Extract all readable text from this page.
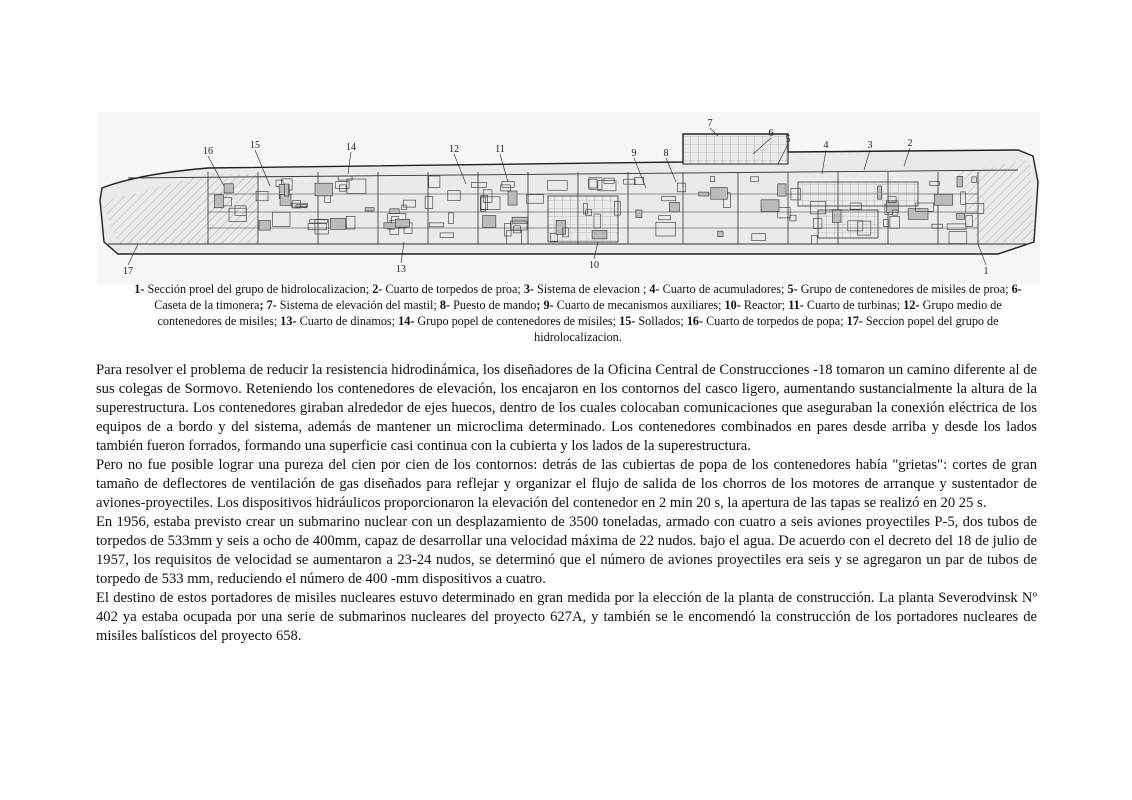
1
2
3
4
5
6
7
8
9
10
11
12
13
14
15
16
17
1- Sección proel del grupo de hidrolocalizacion; 2- Cuarto de torpedos de proa; 3- Sistema de elevacion ; 4- Cuarto de acumuladores; 5- Grupo de contenedores de misiles de proa; 6- Caseta de la timonera; 7- Sistema de elevación del mastil; 8- Puesto de mando; 9- Cuarto de mecanismos auxiliares; 10- Reactor; 11- Cuarto de turbinas; 12- Grupo medio de contenedores de misiles; 13- Cuarto de dinamos; 14- Grupo popel de contenedores de misiles; 15- Sollados; 16- Cuarto de torpedos de popa; 17- Seccion popel del grupo de hidrolocalizacion.

Para resolver el problema de reducir la resistencia hidrodinámica, los diseñadores de la Oficina Central de Construcciones -18 tomaron un camino diferente al de sus colegas de Sormovo. Reteniendo los contenedores de elevación, los encajaron en los contornos del casco ligero, aumentando sustancialmente la altura de la superestructura. Los contenedores giraban alrededor de ejes huecos, dentro de los cuales colocaban comunicaciones que aseguraban la conexión eléctrica de los equipos de a bordo y del sistema, además de mantener un microclima determinado. Los contenedores combinados en pares desde arriba y desde los lados también fueron forrados, formando una superficie casi continua con la cubierta y los lados de la superestructura.

Pero no fue posible lograr una pureza del cien por cien de los contornos: detrás de las cubiertas de popa de los contenedores había "grietas": cortes de gran tamaño de deflectores de ventilación de gas diseñados para reflejar y organizar el flujo de salida de los chorros de los motores de arranque y sustentador de aviones-proyectiles. Los dispositivos hidráulicos proporcionaron la elevación del contenedor en 2 min 20 s, la apertura de las tapas se realizó en 20 25 s.

En 1956, estaba previsto crear un submarino nuclear con un desplazamiento de 3500 toneladas, armado con cuatro a seis aviones proyectiles P-5, dos tubos de torpedos de 533mm y seis a ocho de 400mm, capaz de desarrollar una velocidad máxima de 22 nudos. bajo el agua. De acuerdo con el decreto del 18 de julio de 1957, los requisitos de velocidad se aumentaron a 23-24 nudos, se determinó que el número de aviones proyectiles era seis y se agregaron un par de tubos de torpedo de 533 mm, reduciendo el número de 400 -mm dispositivos a cuatro.

El destino de estos portadores de misiles nucleares estuvo determinado en gran medida por la elección de la planta de construcción. La planta Severodvinsk Nº 402 ya estaba ocupada por una serie de submarinos nucleares del proyecto 627A, y también se le encomendó la construcción de los portadores nucleares de misiles balísticos del proyecto 658.
